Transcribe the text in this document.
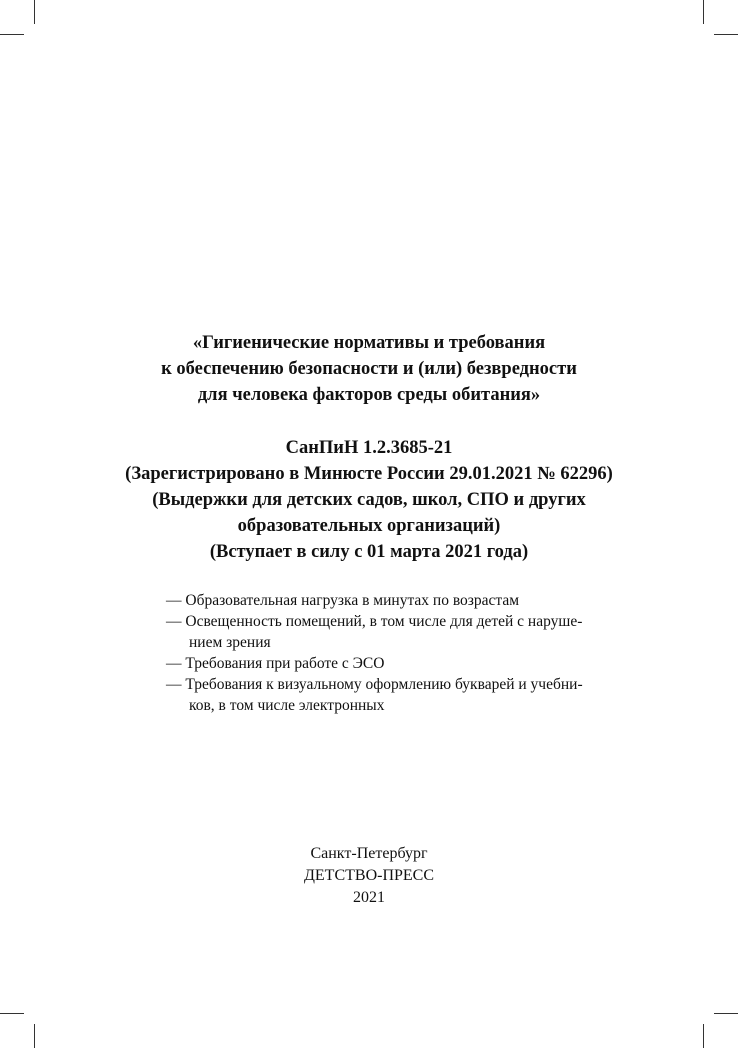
«Гигиенические нормативы и требования
к обеспечению безопасности и (или) безвредности
для человека факторов среды обитания»
СанПиН 1.2.3685-21
(Зарегистрировано в Минюсте России 29.01.2021 № 62296)
(Выдержки для детских садов, школ, СПО и других
образовательных организаций)
(Вступает в силу с 01 марта 2021 года)
— Образовательная нагрузка в минутах по возрастам
— Освещенность помещений, в том числе для детей с наруше-
нием зрения
— Требования при работе с ЭСО
— Требования к визуальному оформлению букварей и учебни-
ков, в том числе электронных
Санкт-Петербург
ДЕТСТВО-ПРЕСС
2021
